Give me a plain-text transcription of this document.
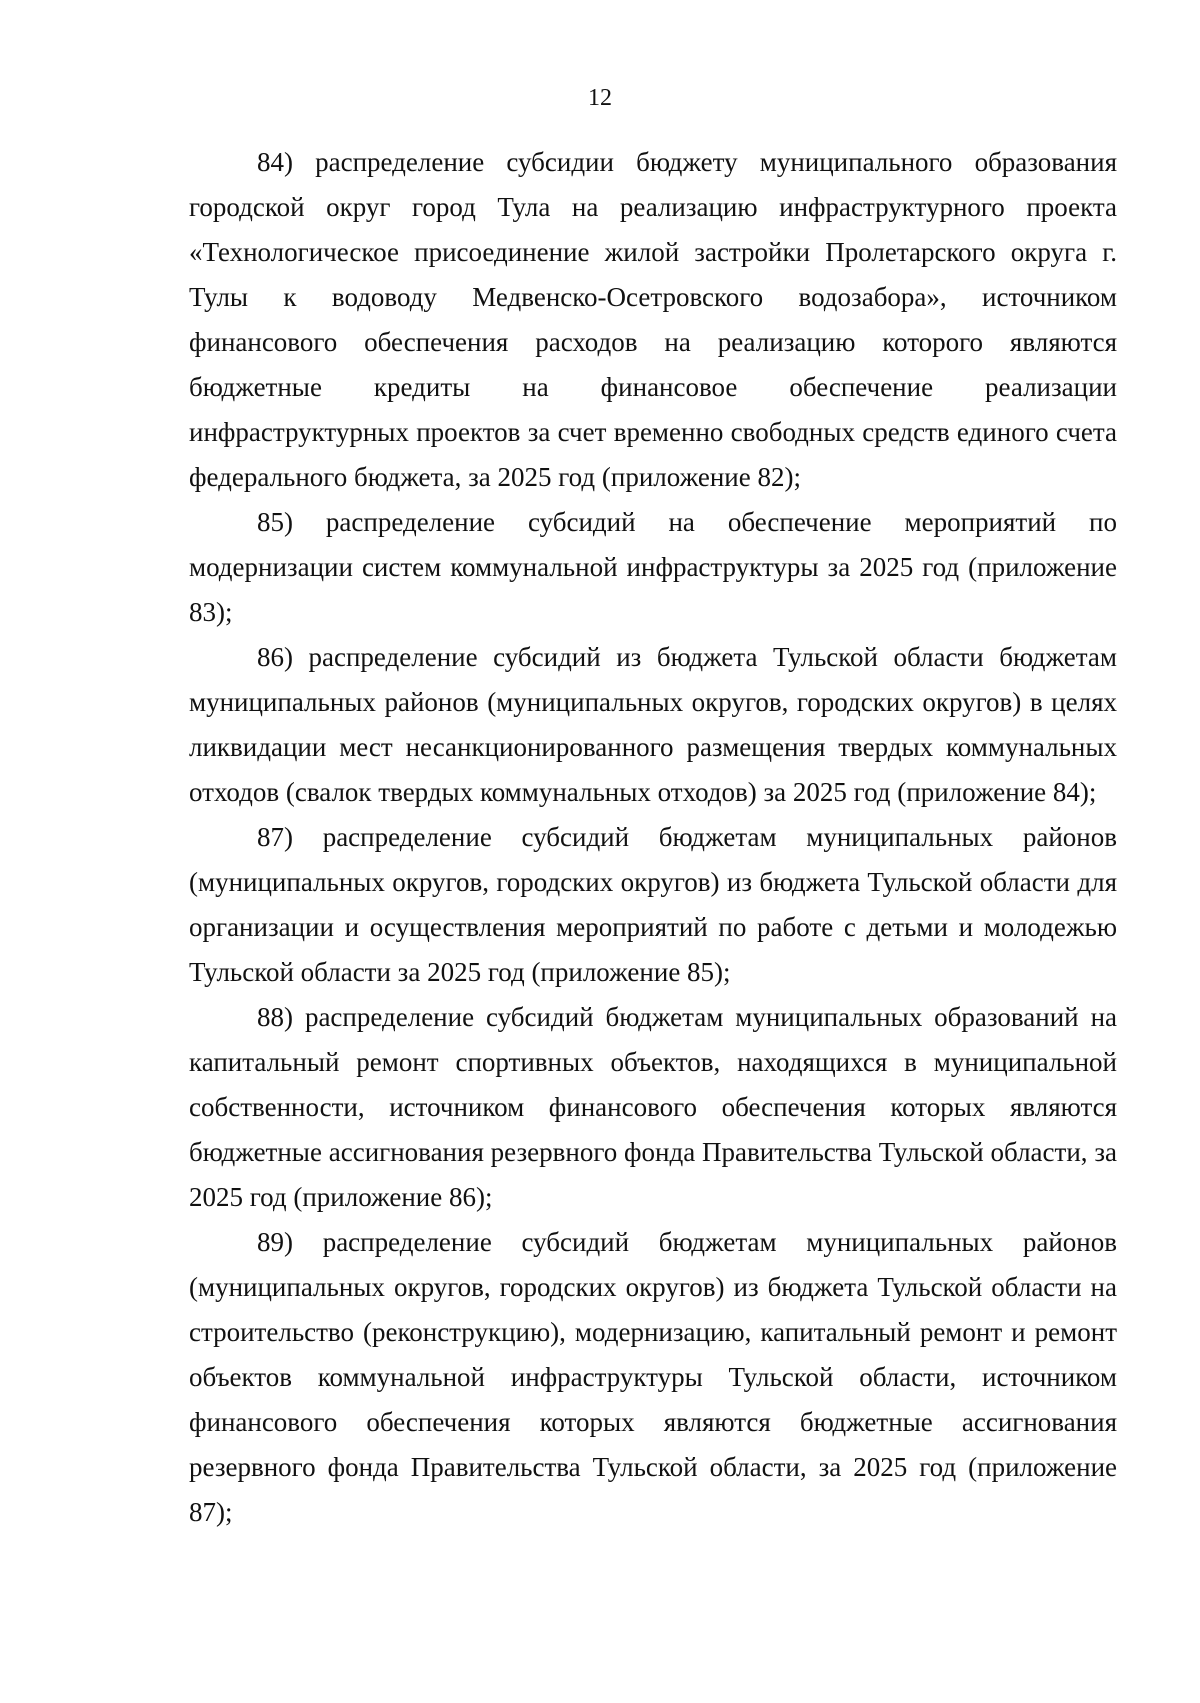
12

84) распределение субсидии бюджету муниципального образования городской округ город Тула на реализацию инфраструктурного проекта «Технологическое присоединение жилой застройки Пролетарского округа г. Тулы к водоводу Медвенско-Осетровского водозабора», источником финансового обеспечения расходов на реализацию которого являются бюджетные кредиты на финансовое обеспечение реализации инфраструктурных проектов за счет временно свободных средств единого счета федерального бюджета, за 2025 год (приложение 82);

85) распределение субсидий на обеспечение мероприятий по модернизации систем коммунальной инфраструктуры за 2025 год (приложение 83);

86) распределение субсидий из бюджета Тульской области бюджетам муниципальных районов (муниципальных округов, городских округов) в целях ликвидации мест несанкционированного размещения твердых коммунальных отходов (свалок твердых коммунальных отходов) за 2025 год (приложение 84);

87) распределение субсидий бюджетам муниципальных районов (муниципальных округов, городских округов) из бюджета Тульской области для организации и осуществления мероприятий по работе с детьми и молодежью Тульской области за 2025 год (приложение 85);

88) распределение субсидий бюджетам муниципальных образований на капитальный ремонт спортивных объектов, находящихся в муниципальной собственности, источником финансового обеспечения которых являются бюджетные ассигнования резервного фонда Правительства Тульской области, за 2025 год (приложение 86);

89) распределение субсидий бюджетам муниципальных районов (муниципальных округов, городских округов) из бюджета Тульской области на строительство (реконструкцию), модернизацию, капитальный ремонт и ремонт объектов коммунальной инфраструктуры Тульской области, источником финансового обеспечения которых являются бюджетные ассигнования резервного фонда Правительства Тульской области, за 2025 год (приложение 87);
